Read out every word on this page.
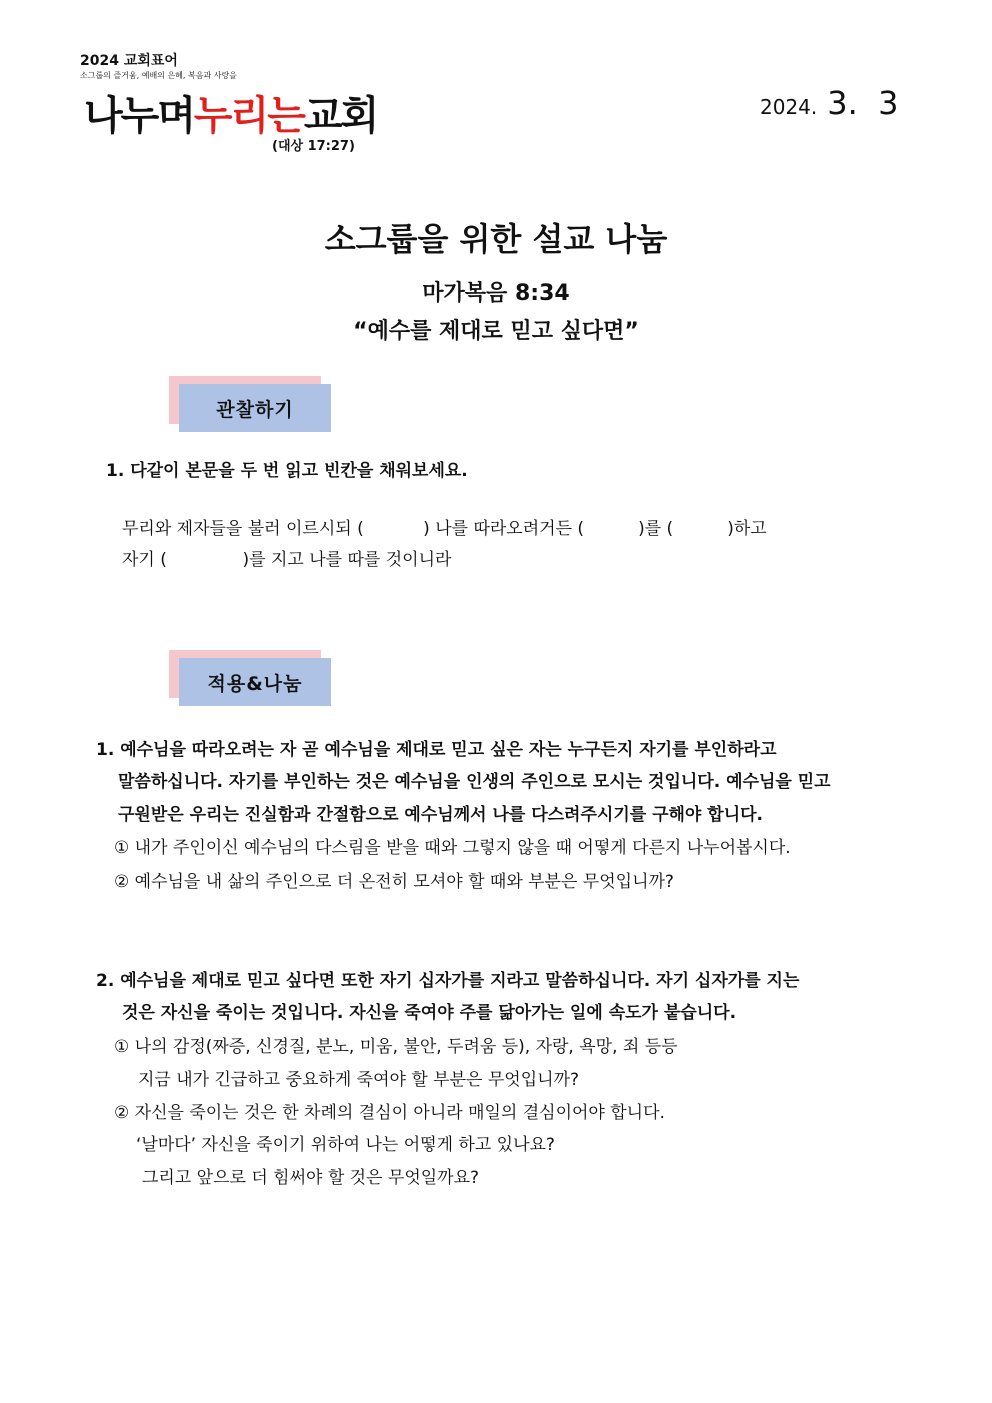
2024 교회표어
소그룹의 즐거움, 예배의 은혜, 복음과 사랑을
나누며누리는교회
(대상 17:27)
2024. 3.  3
소그룹을 위한 설교 나눔
마가복음 8:34
“예수를 제대로 믿고 싶다면”
관찰하기
1. 다같이 본문을 두 번 읽고 빈칸을 채워보세요.
무리와 제자들을 불러 이르시되 (           ) 나를 따라오려거든 (          )를 (          )하고
자기 (              )를 지고 나를 따를 것이니라
적용&나눔
1. 예수님을 따라오려는 자 곧 예수님을 제대로 믿고 싶은 자는 누구든지 자기를 부인하라고
말씀하십니다. 자기를 부인하는 것은 예수님을 인생의 주인으로 모시는 것입니다. 예수님을 믿고
구원받은 우리는 진실함과 간절함으로 예수님께서 나를 다스려주시기를 구해야 합니다.
① 내가 주인이신 예수님의 다스림을 받을 때와 그렇지 않을 때 어떻게 다른지 나누어봅시다.
② 예수님을 내 삶의 주인으로 더 온전히 모셔야 할 때와 부분은 무엇입니까?
2. 예수님을 제대로 믿고 싶다면 또한 자기 십자가를 지라고 말씀하십니다. 자기 십자가를 지는
것은 자신을 죽이는 것입니다. 자신을 죽여야 주를 닮아가는 일에 속도가 붙습니다.
① 나의 감정(짜증, 신경질, 분노, 미움, 불안, 두려움 등), 자랑, 욕망, 죄 등등
지금 내가 긴급하고 중요하게 죽여야 할 부분은 무엇입니까?
② 자신을 죽이는 것은 한 차례의 결심이 아니라 매일의 결심이어야 합니다.
‘날마다’ 자신을 죽이기 위하여 나는 어떻게 하고 있나요?
그리고 앞으로 더 힘써야 할 것은 무엇일까요?
